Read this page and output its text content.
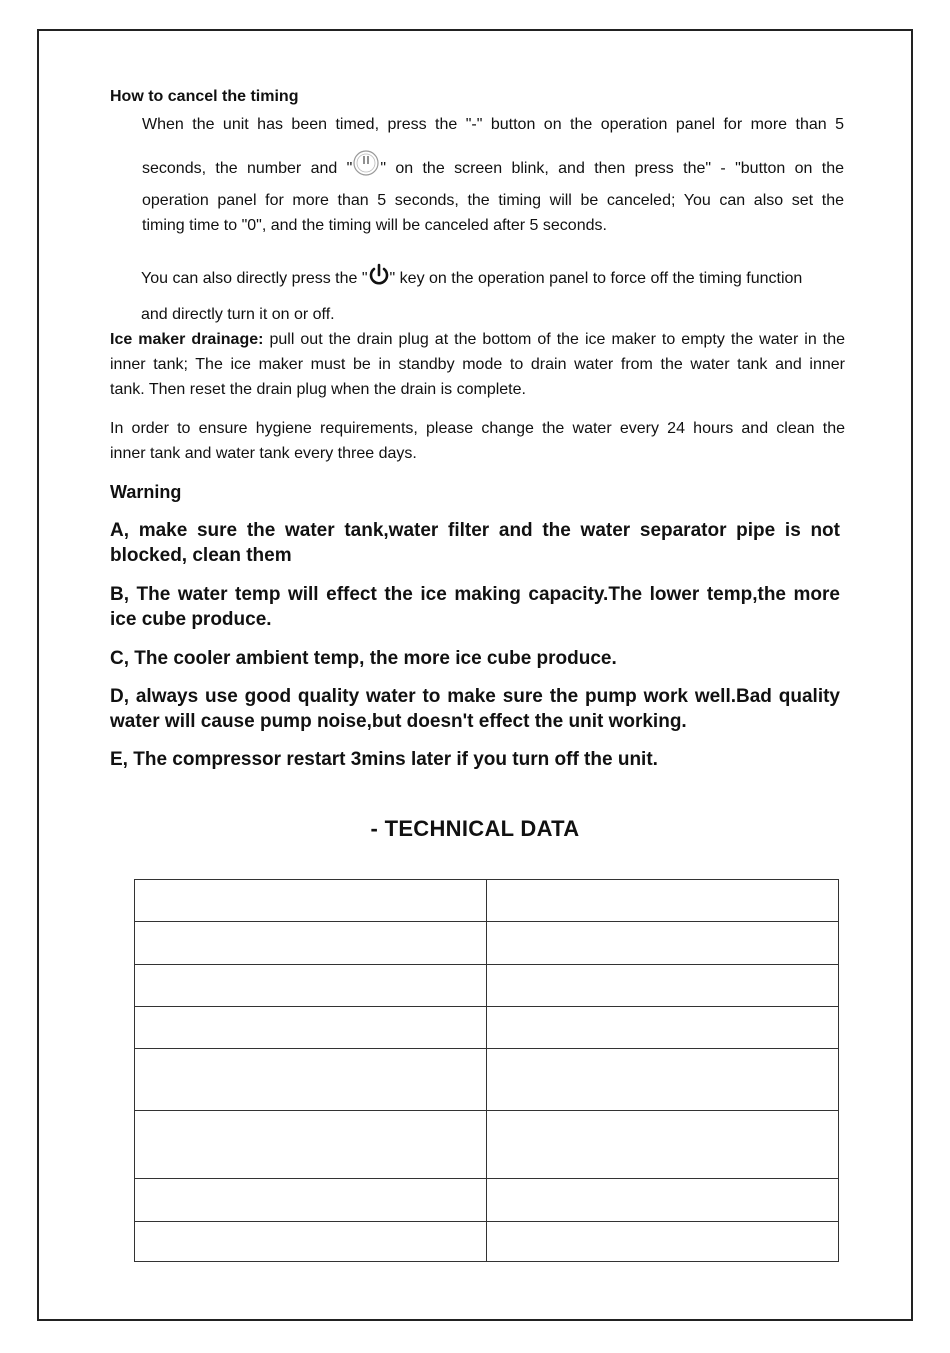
How to cancel the timing
When the unit has been timed, press the "-" button on the operation panel for more than 5
seconds, the number and " " on the screen blink, and then press the" - "button on the
operation panel for more than 5 seconds, the timing will be canceled; You can also set the
timing time to "0", and the timing will be canceled after 5 seconds.
You can also directly press the " " key on the operation panel to force off the timing function
and directly turn it on or off.
Ice maker drainage: pull out the drain plug at the bottom of the ice maker to empty the water in the
inner tank; The ice maker must be in standby mode to drain water from the water tank and inner
tank. Then reset the drain plug when the drain is complete.
In order to ensure hygiene requirements, please change the water every 24 hours and clean the
inner tank and water tank every three days.
Warning
A, make sure the water tank,water filter and the water separator pipe is not blocked, clean them
B, The water temp will effect the ice making capacity.The lower temp,the more ice cube produce.
C, The cooler ambient temp, the more ice cube produce.
D, always use good quality water to make sure the pump work well.Bad quality water will cause pump noise,but doesn't effect the unit working.
E, The compressor restart 3mins later if you turn off the unit.
- TECHNICAL DATA
